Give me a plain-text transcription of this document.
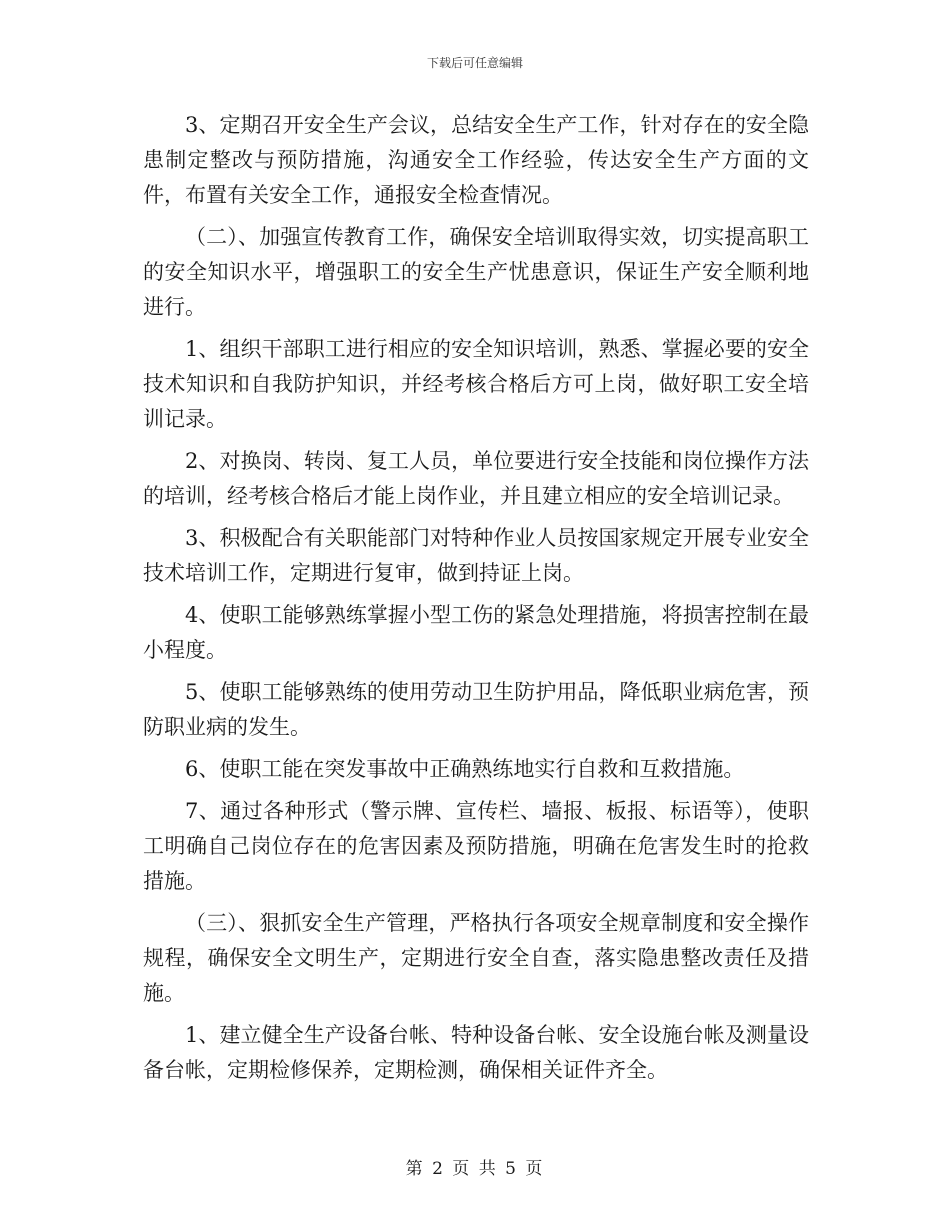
下载后可任意编辑

3、定期召开安全生产会议，总结安全生产工作，针对存在的安全隐患制定整改与预防措施，沟通安全工作经验，传达安全生产方面的文件，布置有关安全工作，通报安全检查情况。

（二）、加强宣传教育工作，确保安全培训取得实效，切实提高职工的安全知识水平，增强职工的安全生产忧患意识，保证生产安全顺利地进行。

1、组织干部职工进行相应的安全知识培训，熟悉、掌握必要的安全技术知识和自我防护知识，并经考核合格后方可上岗，做好职工安全培训记录。

2、对换岗、转岗、复工人员，单位要进行安全技能和岗位操作方法的培训，经考核合格后才能上岗作业，并且建立相应的安全培训记录。

3、积极配合有关职能部门对特种作业人员按国家规定开展专业安全技术培训工作，定期进行复审，做到持证上岗。

4、使职工能够熟练掌握小型工伤的紧急处理措施，将损害控制在最小程度。

5、使职工能够熟练的使用劳动卫生防护用品，降低职业病危害，预防职业病的发生。

6、使职工能在突发事故中正确熟练地实行自救和互救措施。

7、通过各种形式（警示牌、宣传栏、墙报、板报、标语等），使职工明确自己岗位存在的危害因素及预防措施，明确在危害发生时的抢救措施。

（三）、狠抓安全生产管理，严格执行各项安全规章制度和安全操作规程，确保安全文明生产，定期进行安全自查，落实隐患整改责任及措施。

1、建立健全生产设备台帐、特种设备台帐、安全设施台帐及测量设备台帐，定期检修保养，定期检测，确保相关证件齐全。

第 2 页 共 5 页
